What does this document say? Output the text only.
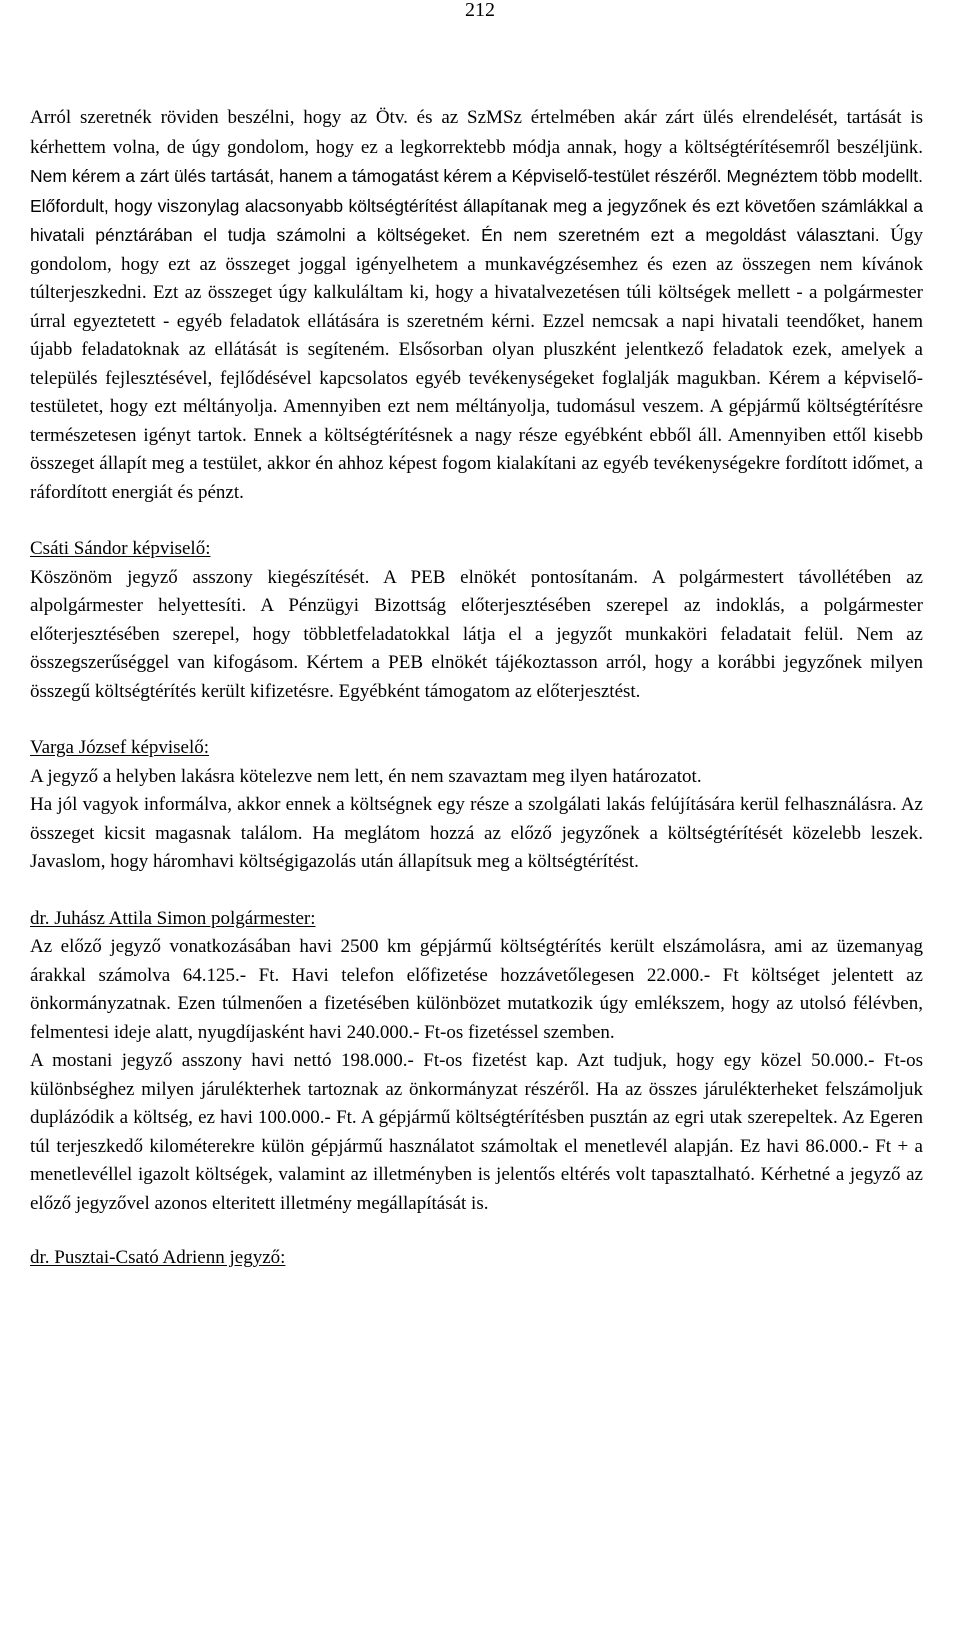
212

Arról szeretnék röviden beszélni, hogy az Ötv. és az SzMSz értelmében akár zárt ülés elrendelését, tartását is kérhettem volna, de úgy gondolom, hogy ez a legkorrektebb módja annak, hogy a költségtérítésemről beszéljünk. Nem kérem a zárt ülés tartását, hanem a támogatást kérem a Képviselő-testület részéről. Megnéztem több modellt. Előfordult, hogy viszonylag alacsonyabb költségtérítést állapítanak meg a jegyzőnek és ezt követően számlákkal a hivatali pénztárában el tudja számolni a költségeket. Én nem szeretném ezt a megoldást választani. Úgy gondolom, hogy ezt az összeget joggal igényelhetem a munkavégzésemhez és ezen az összegen nem kívánok túlterjeszkedni. Ezt az összeget úgy kalkuláltam ki, hogy a hivatalvezetésen túli költségek mellett - a polgármester úrral egyeztetett - egyéb feladatok ellátására is szeretném kérni. Ezzel nemcsak a napi hivatali teendőket, hanem újabb feladatoknak az ellátását is segíteném. Elsősorban olyan pluszként jelentkező feladatok ezek, amelyek a település fejlesztésével, fejlődésével kapcsolatos egyéb tevékenységeket foglalják magukban. Kérem a képviselő-testületet, hogy ezt méltányolja. Amennyiben ezt nem méltányolja, tudomásul veszem. A gépjármű költségtérítésre természetesen igényt tartok. Ennek a költségtérítésnek a nagy része egyébként ebből áll. Amennyiben ettől kisebb összeget állapít meg a testület, akkor én ahhoz képest fogom kialakítani az egyéb tevékenységekre fordított időmet, a ráfordított energiát és pénzt.

Csáti Sándor képviselő:

Köszönöm jegyző asszony kiegészítését. A PEB elnökét pontosítanám. A polgármestert távollétében az alpolgármester helyettesíti. A Pénzügyi Bizottság előterjesztésében szerepel az indoklás, a polgármester előterjesztésében szerepel, hogy többletfeladatokkal látja el a jegyzőt munkaköri feladatait felül. Nem az összegszerűséggel van kifogásom. Kértem a PEB elnökét tájékoztasson arról, hogy a korábbi jegyzőnek milyen összegű költségtérítés került kifizetésre. Egyébként támogatom az előterjesztést.

Varga József képviselő:

A jegyző a helyben lakásra kötelezve nem lett, én nem szavaztam meg ilyen határozatot.

Ha jól vagyok informálva, akkor ennek a költségnek egy része a szolgálati lakás felújítására kerül felhasználásra. Az összeget kicsit magasnak találom. Ha meglátom hozzá az előző jegyzőnek a költségtérítését közelebb leszek. Javaslom, hogy háromhavi költségigazolás után állapítsuk meg a költségtérítést.

dr. Juhász Attila Simon polgármester:

Az előző jegyző vonatkozásában havi 2500 km gépjármű költségtérítés került elszámolásra, ami az üzemanyag árakkal számolva 64.125.- Ft. Havi telefon előfizetése hozzávetőlegesen 22.000.- Ft költséget jelentett az önkormányzatnak. Ezen túlmenően a fizetésében különbözet mutatkozik úgy emlékszem, hogy az utolsó félévben, felmentesi ideje alatt, nyugdíjasként havi 240.000.- Ft-os fizetéssel szemben.

A mostani jegyző asszony havi nettó 198.000.- Ft-os fizetést kap. Azt tudjuk, hogy egy közel 50.000.- Ft-os különbséghez milyen járulékterhek tartoznak az önkormányzat részéről. Ha az összes járulékterheket felszámoljuk duplázódik a költség, ez havi 100.000.- Ft. A gépjármű költségtérítésben pusztán az egri utak szerepeltek. Az Egeren túl terjeszkedő kilométerekre külön gépjármű használatot számoltak el menetlevél alapján. Ez havi 86.000.- Ft + a menetlevéllel igazolt költségek, valamint az illetményben is jelentős eltérés volt tapasztalható. Kérhetné a jegyző az előző jegyzővel azonos elteritett illetmény megállapítását is.

dr. Pusztai-Csató Adrienn jegyző:
